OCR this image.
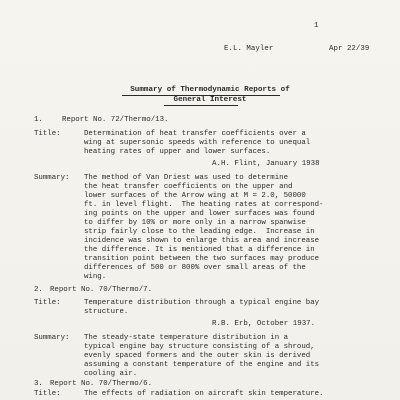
1
E.L. Mayler	Apr 22/39
Summary of Thermodynamic Reports of
General Interest
1.	Report No. 72/Thermo/13.
Title:	Determination of heat transfer coefficients over a
wing at supersonic speeds with reference to unequal
heating rates of upper and lower surfaces.
A.H. Flint, January 1938
Summary: The method of Van Driest was used to determine
the heat transfer coefficients on the upper and
lower surfaces of the Arrow wing at M = 2.0, 50000
ft. in level flight.  The heating rates at correspond-
ing points on the upper and lower surfaces was found
to differ by 10% or more only in a narrow spanwise
strip fairly close to the leading edge.  Increase in
incidence was shown to enlarge this area and increase
the difference. It is mentioned that a difference in
transition point between the two surfaces may produce
differences of 500 or 800% over small areas of the
wing.
2. Report No. 70/Thermo/7.
Title:	Temperature distribution through a typical engine bay
structure.
R.B. Erb, October 1937.
Summary: The steady-state temperature distribution in a
typical engine bay structure consisting of a shroud,
evenly spaced formers and the outer skin is derived
assuming a constant temperature of the engine and its
cooling air.
3. Report No. 70/Thermo/6.
Title:	The effects of radiation on aircraft skin temperature.
